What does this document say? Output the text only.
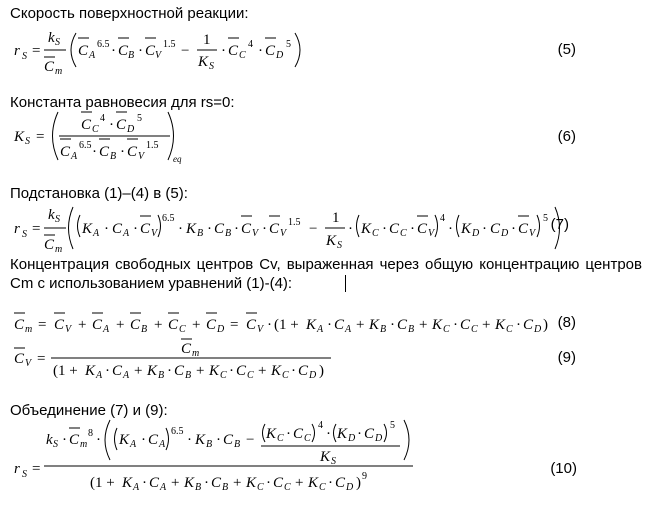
Скорость поверхностной реакции:
Константа равновесия для rs=0:
Подстановка (1)–(4) в (5):
Концентрация свободных центров Cv, выраженная через общую концентрацию центров Cm с использованием уравнений (1)-(4):
Объединение (7) и (9):
(5)
(6)
(7)
(8)
(9)
(10)
r S =
k S
C m
C A
6.5 · C B · C V
1.5 −
1
K S
· C C
4 · C D
5
K S =
C C
4 · C D
5
C A
6.5 · C B · C V
1.5
eq
r S =
k S
C m
K A · C A · C V
6.5
· K B · C B · C V · C V
1.5 −
1
K S
· K C · C C · C V
4
· K D · C D · C V
5
C m = C V + C A + C B + C C + C D = C V · (1 + K A · C A + K B · C B + K C · C C + K C · C D )
C V =
C m
(1 + K A · C A + K B · C B + K C · C C + K C · C D )
r S =
k S · C m
8 · K A · C A
6.5
· K B · C B − K C · C C
4
· K D · C D
5
K S
(1 + K A · C A + K B · C B + K C · C C + K C · C D ) 9
